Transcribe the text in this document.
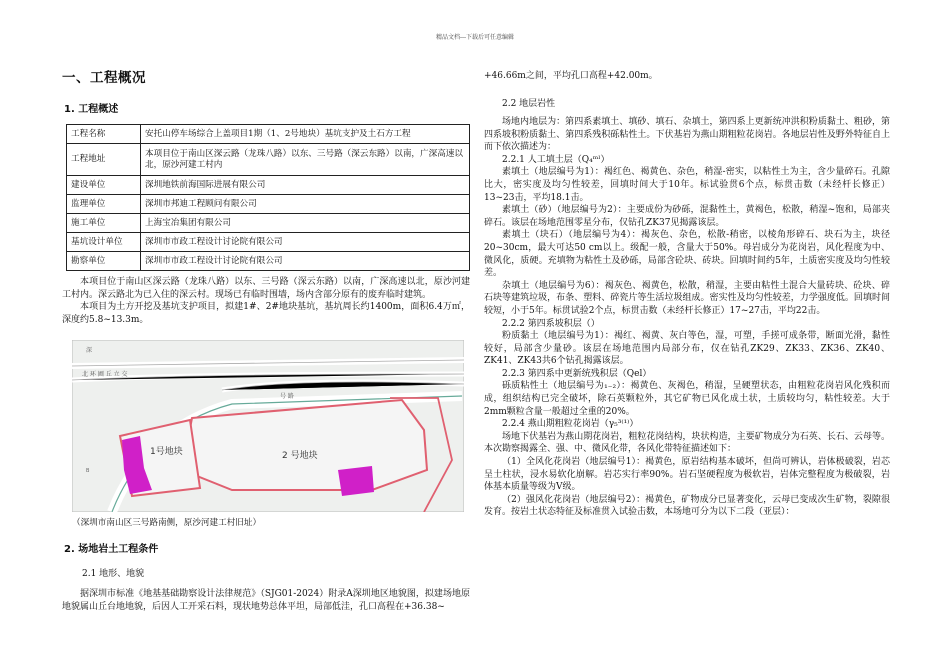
精品文档---下载后可任意编辑
一、工程概况
1. 工程概述
工程名称	安托山停车场综合上盖项目1期（1、2号地块）基坑支护及土石方工程
工程地址	本项目位于南山区深云路（龙珠八路）以东、三号路（深云东路）以南，广深高速以北，原沙河建工村内
建设单位	深圳地铁前海国际进展有限公司
监理单位	深圳市邦迪工程顾问有限公司
施工单位	上海宝冶集团有限公司
基坑设计单位	深圳市市政工程设计讨论院有限公司
勘察单位	深圳市市政工程设计讨论院有限公司

本项目位于南山区深云路（龙珠八路）以东、三号路（深云东路）以南，广深高速以北，原沙河建工村内。深云路北为已入住的深云村。现场已有临时围墙，场内含部分原有的废弃临时建筑。

本项目为土方开挖及基坑支护项目，拟建1#、2#地块基坑，基坑周长约1400m，面积6.4万㎡，深度约5.8~13.3m。

深
北 环 圃 丘 立 交
号 路
B
1号地块	2 号地块
（深圳市南山区三号路南侧，原沙河建工村旧址）
2. 场地岩土工程条件
2.1 地形、地貌

据深圳市标准《地基基础勘察设计法律规范》（SJG01-2024）附录A深圳地区地貌图，拟建场地原地貌属山丘台地地貌，后因人工开采石料，现状地势总体平坦，局部低洼，孔口高程在+36.38~

+46.66m之间，平均孔口高程+42.00m。

2.2 地层岩性

场地内地层为：第四系素填土、填砂、填石、杂填土，第四系上更新统冲洪积粉质黏土、粗砂，第四系坡积粉质黏土、第四系残积砾粘性土。下伏基岩为燕山期粗粒花岗岩。各地层岩性及野外特征自上而下依次描述为：

2.2.1 人工填土层（Q₄ᵐˡ）

素填土（地层编号为1）：褐红色、褐黄色、杂色，稍湿-密实，以粘性土为主，含少量碎石。孔隙比大，密实度及均匀性较差，回填时间大于10年。标试验贯6个点，标贯击数（未经杆长修正）13~23击，平均18.1击。

素填土（砂）（地层编号为2）：主要成份为砂砾，混黏性土，黄褐色，松散，稍湿~饱和，局部夹碎石。该层在场地范围零星分布，仅钻孔ZK37见揭露该层。

素填土（块石）（地层编号为4）：褐灰色、杂色，松散-稍密，以棱角形碎石、块石为主，块径20~30cm，最大可达50 cm以上。级配一般，含量大于50%。母岩成分为花岗岩，风化程度为中、微风化，质硬。充填物为粘性土及砂砾，局部含砼块、砖块。回填时间约5年，土质密实度及均匀性较差。

杂填土（地层编号为6）：褐灰色、褐黄色，松散，稍湿，主要由粘性土混合大量砖块、砼块、碎石块等建筑垃圾，布条、塑料、碎瓷片等生活垃圾组成。密实性及均匀性较差，力学强度低。回填时间较短，小于5年。标贯试验2个点，标贯击数（未经杆长修正）17~27击，平均22击。

2.2.2 第四系坡积层（）

粉质黏土（地层编号为1）：褐红、褐黄、灰白等色，湿，可塑，手搓可成条带，断面光滑，黏性较好，局部含少量砂。该层在场地范围内局部分布，仅在钻孔ZK29、ZK33、ZK36、ZK40、ZK41、ZK43共6个钻孔揭露该层。

2.2.3 第四系中更新统残积层（Qel）

砾质粘性土（地层编号为₁₋₂）：褐黄色、灰褐色，稍湿，呈硬塑状态，由粗粒花岗岩风化残积而成，组织结构已完全破坏，除石英颗粒外，其它矿物已风化成土状，土质较均匀，粘性较差。大于2mm颗粒含量一般超过全重的20%。

2.2.4 燕山期粗粒花岗岩（γ₅³⁽¹⁾）

场地下伏基岩为燕山期花岗岩，粗粒花岗结构，块状构造，主要矿物成分为石英、长石、云母等。本次勘察揭露全、强、中、微风化带，各风化带特征描述如下：

（1）全风化花岗岩（地层编号1）：褐黄色，原岩结构基本破坏，但尚可辨认，岩体极破裂，岩芯呈土柱状，浸水易软化崩解。岩芯实行率90%。岩石坚硬程度为极软岩，岩体完整程度为极破裂，岩体基本质量等级为V级。

（2）强风化花岗岩（地层编号2）：褐黄色，矿物成分已显著变化，云母已变成次生矿物，裂隙很发育。按岩土状态特征及标准贯入试验击数，本场地可分为以下二段（亚层）：
